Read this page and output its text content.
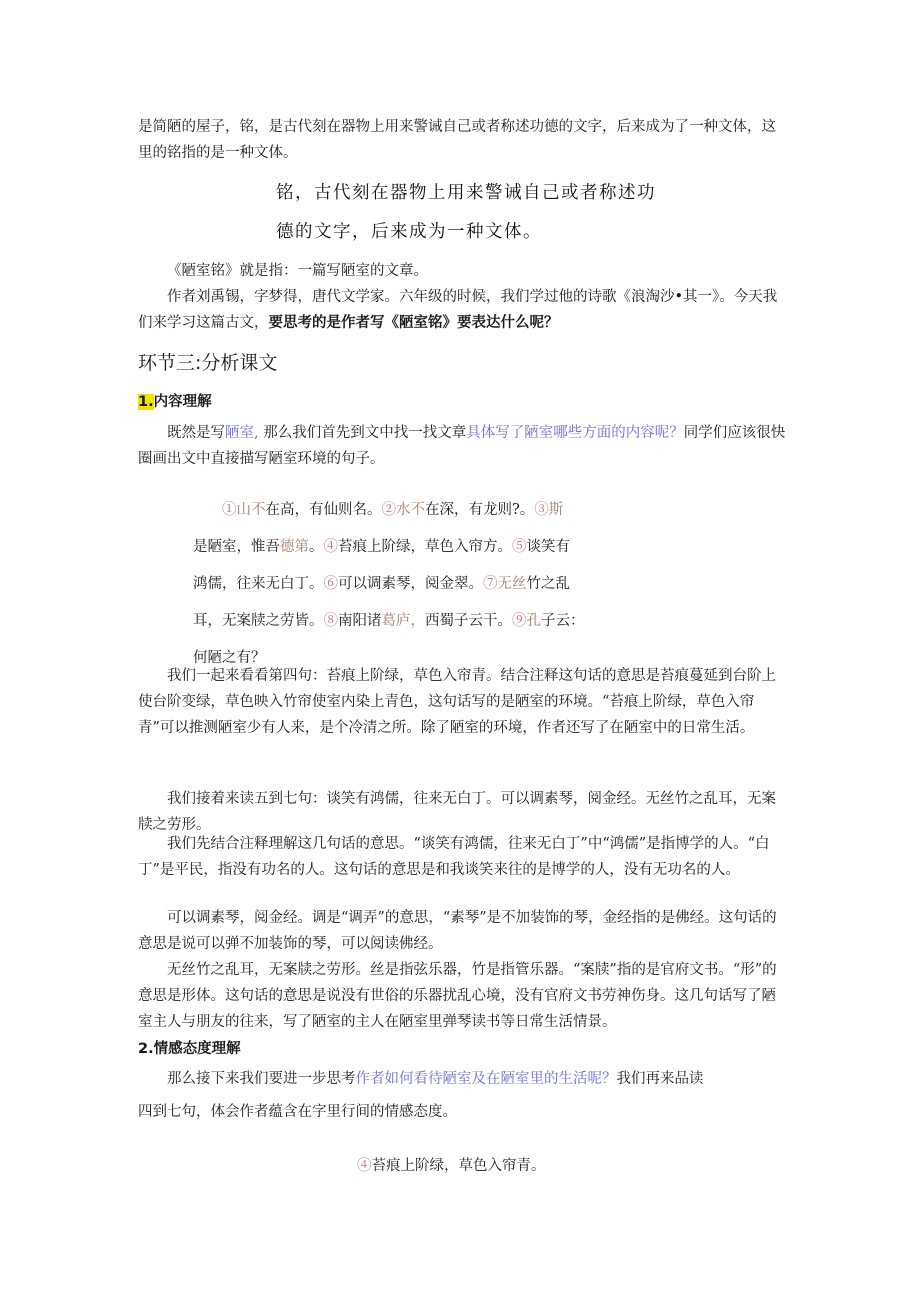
是简陋的屋子，铭，是古代刻在器物上用来警诫自己或者称述功德的文字，后来成为了一种文体，这里的铭指的是一种文体。

铭，古代刻在器物上用来警诫自己或者称述功

德的文字，后来成为一种文体。

《陋室铭》就是指：一篇写陋室的文章。

作者刘禹锡，字梦得，唐代文学家。六年级的时候，我们学过他的诗歌《浪淘沙•其一》。今天我们来学习这篇古文，要思考的是作者写《陋室铭》要表达什么呢？

环节三:分析课文

1.内容理解

既然是写陋室, 那么我们首先到文中找一找文章具体写了陋室哪些方面的内容呢？同学们应该很快圈画出文中直接描写陋室环境的句子。

①山不在高，有仙则名。②水不在深，有龙则?。③斯

是陋室，惟吾德第。④苔痕上阶绿，草色入帘方。⑤谈笑有

鸿儒，往来无白丁。⑥可以调素琴，阅金翠。⑦无丝竹之乱

耳，无案牍之劳皆。⑧南阳诸葛庐，西蜀子云干。⑨孔子云：

何陋之有？

我们一起来看看第四句：苔痕上阶绿，草色入帘青。结合注释这句话的意思是苔痕蔓延到台阶上使台阶变绿，草色映入竹帘使室内染上青色，这句话写的是陋室的环境。“苔痕上阶绿，草色入帘青”可以推测陋室少有人来，是个冷清之所。除了陋室的环境，作者还写了在陋室中的日常生活。

我们接着来读五到七句：谈笑有鸿儒，往来无白丁。可以调素琴，阅金经。无丝竹之乱耳，无案牍之劳形。

我们先结合注释理解这几句话的意思。“谈笑有鸿儒，往来无白丁”中“鸿儒”是指博学的人。“白丁”是平民，指没有功名的人。这句话的意思是和我谈笑来往的是博学的人，没有无功名的人。

可以调素琴，阅金经。调是“调弄”的意思，“素琴”是不加装饰的琴，金经指的是佛经。这句话的意思是说可以弹不加装饰的琴，可以阅读佛经。

无丝竹之乱耳，无案牍之劳形。丝是指弦乐器，竹是指管乐器。“案牍”指的是官府文书。“形”的意思是形体。这句话的意思是说没有世俗的乐器扰乱心境，没有官府文书劳神伤身。这几句话写了陋室主人与朋友的往来，写了陋室的主人在陋室里弹琴读书等日常生活情景。

2.情感态度理解

那么接下来我们要进一步思考作者如何看待陋室及在陋室里的生活呢？我们再来品读

四到七句，体会作者蕴含在字里行间的情感态度。

④苔痕上阶绿，草色入帘青。
